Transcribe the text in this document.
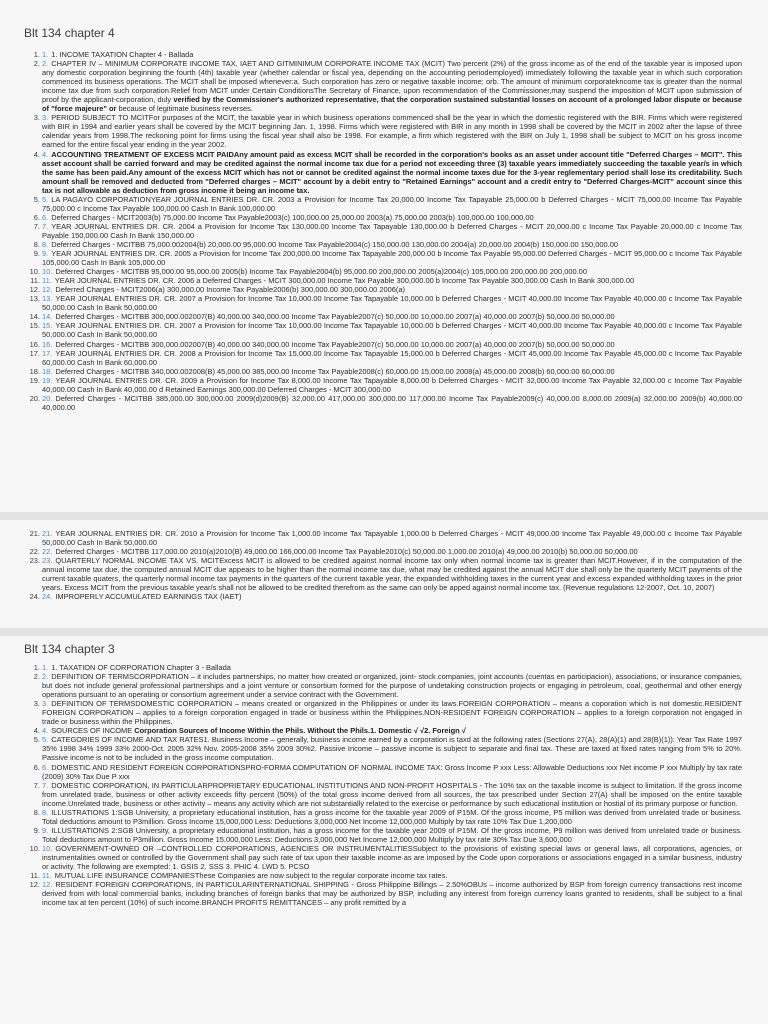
Blt 134 chapter 4
1. 1. 1. INCOME TAXATION Chapter 4 - Ballada
2. 2. CHAPTER IV – MINIMUM CORPORATE INCOME TAX, IAET AND GITMINIMUM CORPORATE INCOME TAX (MCIT) Two percent (2%) of the gross income as of the end of the taxable year is imposed upon any domestic corporation beginning the fourth (4th) taxable year (whether calendar or fiscal yea, depending on the accounting periodemployed) immediately following the taxable year in which such corporation commenced its business operations. The MCIT shall be imposed whenever:a. Such corporation has zero or negative taxable income; orb. The amount of minimum corporatekncome tax is greater than the normal income tax due from such corporation.Relief from MCIT under Certain ConditionsThe Secretary of Finance, upon recommendation of the Commissioner,may suspend the imposition of MCIT upon submission of proof by the applicant-corporation, duly verified by the Commissioner's authorized representative, that the corporation sustained substantial losses on account of a prolonged labor dispute or because of "force majeure" or because of legitimate business reverses.
3. 3. PERIOD SUBJECT TO MCITFor purposes of the MCIT, the taxable year in which business operations commenced shall be the year in which the domestic registered with the BIR. Firms which were registered with BIR in 1994 and earlier years shall be covered by the MCIT beginning Jan. 1, 1998. Firms which were registered with BIR in any month in 1998 shall be covered by the MCIT in 2002 after the lapse of three calendar years from 1998.The reckoning point for firms using the fiscal year shall also be 1998. For example, a firm which registered with the BIR on July 1, 1998 shall be subject to MCIT on his gross income earned for the entire fiscal year ending in the year 2002.
4. 4. ACCOUNTING TREATMENT OF EXCESS MCIT PAIDAny amount paid as excess MCIT shall be recorded in the corporation's books as an asset under account title "Deferred Charges – MCIT". This asset account shall be carried forward and may be credited against the normal income tax due for a period not exceeding three (3) taxable years immediately succeeding the taxable year/s in which the same has been paid.Any amount of the excess MCIT which has not or cannot be credited against the normal income taxes due for the 3-year reglementary period shall lose its creditability. Such amount shall be removed and deducted from "Deferred charges – MCIT" account by a debit entry to "Retained Earnings" account and a credit entry to "Deferred Charges-MCIT" account since this tax is not allowable as deduction from gross income it being an income tax.
5. 5. LA PAGAYO CORPORATIONYEAR JOURNAL ENTRIES DR. CR. 2003 a Provision for Income Tax 20,000.00 Income Tax Tapayable 25,000.00 b Deferred Charges - MCIT 75,000.00 Income Tax Payable 75,000.00 c Income Tax Payable 100,000.00 Cash In Bank 100,000.00
6. 6. Deferred Charges - MCIT2003(b) 75,000.00 Income Tax Payable2003(c) 100,000.00 25,000.00 2003(a) 75,000.00 2003(b) 100,000.00 100,000.00
7. 7. YEAR JOURNAL ENTRIES DR. CR. 2004 a Provision for Income Tax 130,000.00 Income Tax Tapayable 130,000.00 b Deferred Charges - MCIT 20,000.00 c Income Tax Payable 20,000.00 c Income Tax Payable 150,000.00 Cash In Bank 150,000.00
8. 8. Deferred Charges - MCITBB 75,000.002004(b) 20,000.00 95,000.00 Income Tax Payable2004(c) 150,000.00 130,000.00 2004(a) 20,000.00 2004(b) 150,000.00 150,000.00
9. 9. YEAR JOURNAL ENTRIES DR. CR. 2005 a Provision for Income Tax 200,000.00 Income Tax Tapayable 200,000.00 b Income Tax Payable 95,000.00 Deferred Charges - MCIT 95,000.00 c Income Tax Payable 105,000.00 Cash In Bank 105,000.00
10. 10. Deferred Charges - MCITBB 95,000.00 95,000.00 2005(b) Income Tax Payable2004(b) 95,000.00 200,000.00 2005(a)2004(c) 105,000.00 200,000.00 200,000.00
11. 11. YEAR JOURNAL ENTRIES DR. CR. 2006 a Deferred Charges - MCIT 300,000.00 Income Tax Payable 300,000.00 b Income Tax Payable 300,000.00 Cash In Bank 300,000.00
12. 12. Deferred Charges - MCIT2006(a) 300,000.00 Income Tax Payable2006(b) 300,000.00 300,000.00 2006(a)
13. 13. YEAR JOURNAL ENTRIES DR. CR. 2007 a Provision for Income Tax 10,000.00 Income Tax Tapayable 10,000.00 b Deferred Charges - MCIT 40,000.00 Income Tax Payable 40,000.00 c Income Tax Payable 50,000.00 Cash In Bank 50,000.00
14. 14. Deferred Charges - MCITBB 300,000.002007(B) 40,000.00 340,000.00 Income Tax Payable2007(c) 50,000.00 10,000.00 2007(a) 40,000.00 2007(b) 50,000.00 50,000.00
15. 15. YEAR JOURNAL ENTRIES DR. CR. 2007 a Provision for Income Tax 10,000.00 Income Tax Tapayable 10,000.00 b Deferred Charges - MCIT 40,000.00 Income Tax Payable 40,000.00 c Income Tax Payable 50,000.00 Cash In Bank 50,000.00
16. 16. Deferred Charges - MCITBB 300,000.002007(B) 40,000.00 340,000.00 Income Tax Payable2007(c) 50,000.00 10,000.00 2007(a) 40,000.00 2007(b) 50,000.00 50,000.00
17. 17. YEAR JOURNAL ENTRIES DR. CR. 2008 a Provision for Income Tax 15,000.00 Income Tax Tapayable 15,000.00 b Deferred Charges - MCIT 45,000.00 Income Tax Payable 45,000.00 c Income Tax Payable 60,000.00 Cash In Bank 60,000.00
18. 18. Deferred Charges - MCITBB 340,000.002008(B) 45,000.00 385,000.00 Income Tax Payable2008(c) 60,000.00 15,000.00 2008(a) 45,000.00 2008(b) 60,000.00 60,000.00
19. 19. YEAR JOURNAL ENTRIES DR. CR. 2009 a Provision for Income Tax 8,000.00 Income Tax Tapayable 8,000.00 b Deferred Charges - MCIT 32,000.00 Income Tax Payable 32,000.00 c Income Tax Payable 40,000.00 Cash In Bank 40,000.00 d Retained Earnings 300,000.00 Deferred Charges - MCIT 300,000.00
20. 20. Deferred Charges - MCITBB 385,000.00 300,000.00 2009(d)2009(B) 32,000.00 417,000.00 300,000.00 117,000.00 Income Tax Payable2009(c) 40,000.00 8,000.00 2009(a) 32,000.00 2009(b) 40,000.00 40,000.00
21. 21. YEAR JOURNAL ENTRIES DR. CR. 2010 a Provision for Income Tax 1,000.00 Income Tax Tapayable 1,000.00 b Deferred Charges - MCIT 49,000.00 Income Tax Payable 49,000.00 c Income Tax Payable 50,000.00 Cash In Bank 50,000.00
22. 22. Deferred Charges - MCITBB 117,000.00 2010(a)2010(B) 49,000.00 166,000.00 Income Tax Payable2010(c) 50,000.00 1,000.00 2010(a) 49,000.00 2010(b) 50,000.00 50,000.00
23. 23. QUARTERLY NORMAL INCOME TAX VS. MCITExcess MCIT is allowed to be credited against normal income tax only when normal income tax is greater than MCIT.However, if in the computation of the annual income tax due, the computed annual MCIT due appears to be higher than the normal income tax due, what may be credited against the annual MCIT due shall only be the quarterly MCIT payments of the current taxable quaters, the quarterly normal income tax payments in the quarters of the current taxable year, the expanded withholding taxes in the current year and excess expanded withholding taxes in the prior years. Excess MCIT from the previous taxable year/s shall not be allowed to be credited therefrom as the same can only be apped against normal income tax. (Revenue regulations 12-2007, Oct. 10, 2007)
24. 24. IMPROPERLY ACCUMULATED EARNINGS TAX (IAET)
Blt 134 chapter 3
1. 1. 1. TAXATION OF CORPORATION Chapter 3 - Ballada
2. 2. DEFINITION OF TERMSCORPORATION – it includes partnerships, no matter how created or organized, joint- stock companies, joint accounts (cuentas en participacion), associations, or insurance companies, but does not include general professional partnerships and a joint venture or consortium formed for the purpose of undetaking construction projects or engaging in petroleum, coal, geothermal and other energy operations pursuant to an operating or consortium agreement under a service contract with the Government.
3. 3. DEFINITION OF TERMSDOMESTIC CORPORATION – means created or organized in the Philippines or under its laws.FOREIGN CORPORATION – means a coporation which is not domestic.RESIDENT FOREIGN CORPORATION – applies to a foreign corporation engaged in trade or business within the Philippines.NON-RESIDENT FOREIGN CORPORATION – applies to a foreign corporation not engaged in trade or business within the Philippines.
4. 4. SOURCES OF INCOME Corporation Sources of Income Within the Phils. Without the Phils.1. Domestic √ √2. Foreign √
5. 5. CATEGORIES OF INCOME AND TAX RATES1. Business Income – generally, business income earned by a corporation is taxd at the following rates (Sections 27(A), 28(A)(1) and 28(B)(1)): Year Tax Rate 1997 35% 1998 34% 1999 33% 2000-Oct. 2005 32% Nov. 2005-2008 35% 2009 30%2. Passive Income – passive income is subject to separate and final tax. These are taxed at fixed rates ranging from 5% to 20%. Passive income is not to be included in the gross income computation.
6. 6. DOMESTIC AND RESIDENT FOREIGN CORPORATIONSPRO-FORMA COMPUTATION OF NORMAL INCOME TAX: Gross Income P xxx Less: Allowable Deductions xxx Net income P xxx Multiply by tax rate (2009) 30% Tax Due P xxx
7. 7. DOMESTIC CORPORATION, IN PARTICULARPROPRIETARY EDUCATIONAL INSTITUTIONS AND NON-PROFIT HOSPITALS - The 10% tax on the taxable income is subject to limitation. If the gross income from unrelated trade, business or other activity exceeds fifty percent (50%) of the total gross income derived from all sources, the tax prescribed under Section 27(A) shall be imposed on the entire taxable income.Unrelated trade, business or other activity – means any activity which are not substantially related to the exercise or performance by such educational institution or hostial of its primary purpose or function.
8. 8. ILLUSTRATIONS 1:SGB University, a proprietary educational institution, has a gross income for the taxable year 2009 of P15M. Of the gross income, P5 million was derived from unrelated trade or business. Total deductions amount to P3million. Gross Income 15,000,000 Less: Deductions 3,000,000 Net Income 12,000,000 Multiply by tax rate 10% Tax Due 1,200,000
9. 9. ILLUSTRATIONS 2:SGB University, a proprietary educational institution, has a gross income for the taxable year 2009 of P15M. Of the gross income, P9 million was derived from unrelated trade or business. Total deductions amount to P3million. Gross Income 15,000,000 Less: Deductions 3,000,000 Net Income 12,000,000 Multiply by tax rate 30% Tax Due 3,600,000
10. 10. GOVERNMENT-OWNED OR –CONTROLLED CORPORATIONS, AGENCIES OR INSTRUMENTALITIESSubject to the provisions of existing special laws or general laws, all corporations, agencies, or instrumentalities owned or controlled by the Government shall pay such rate of tax upon their taxable income as are imposed by the Code upon corporations or associations engaged in a similar business, industry or activity. The following are exempted: 1. GSIS 2. SSS 3. PHIC 4. LWD 5. PCSO
11. 11. MUTUAL LIFE INSURANCE COMPANIESThese Companies are now subject to the regular corporate income tax rates.
12. 12. RESIDENT FOREIGN CORPORATIONS, IN PARTICULARINTERNATIONAL SHIPPING - Gross Philippine Billings – 2.50%OBUs – income authorized by BSP from foreign currency transactions rest income derived from with local commercial banks, including branches of foreign banks that may be authorized by BSP, including any interest from foreign currency loans granted to residents, shall be subject to a final income tax at ten percent (10%) of such income.BRANCH PROFITS REMITTANCES – any profit remitted by a
